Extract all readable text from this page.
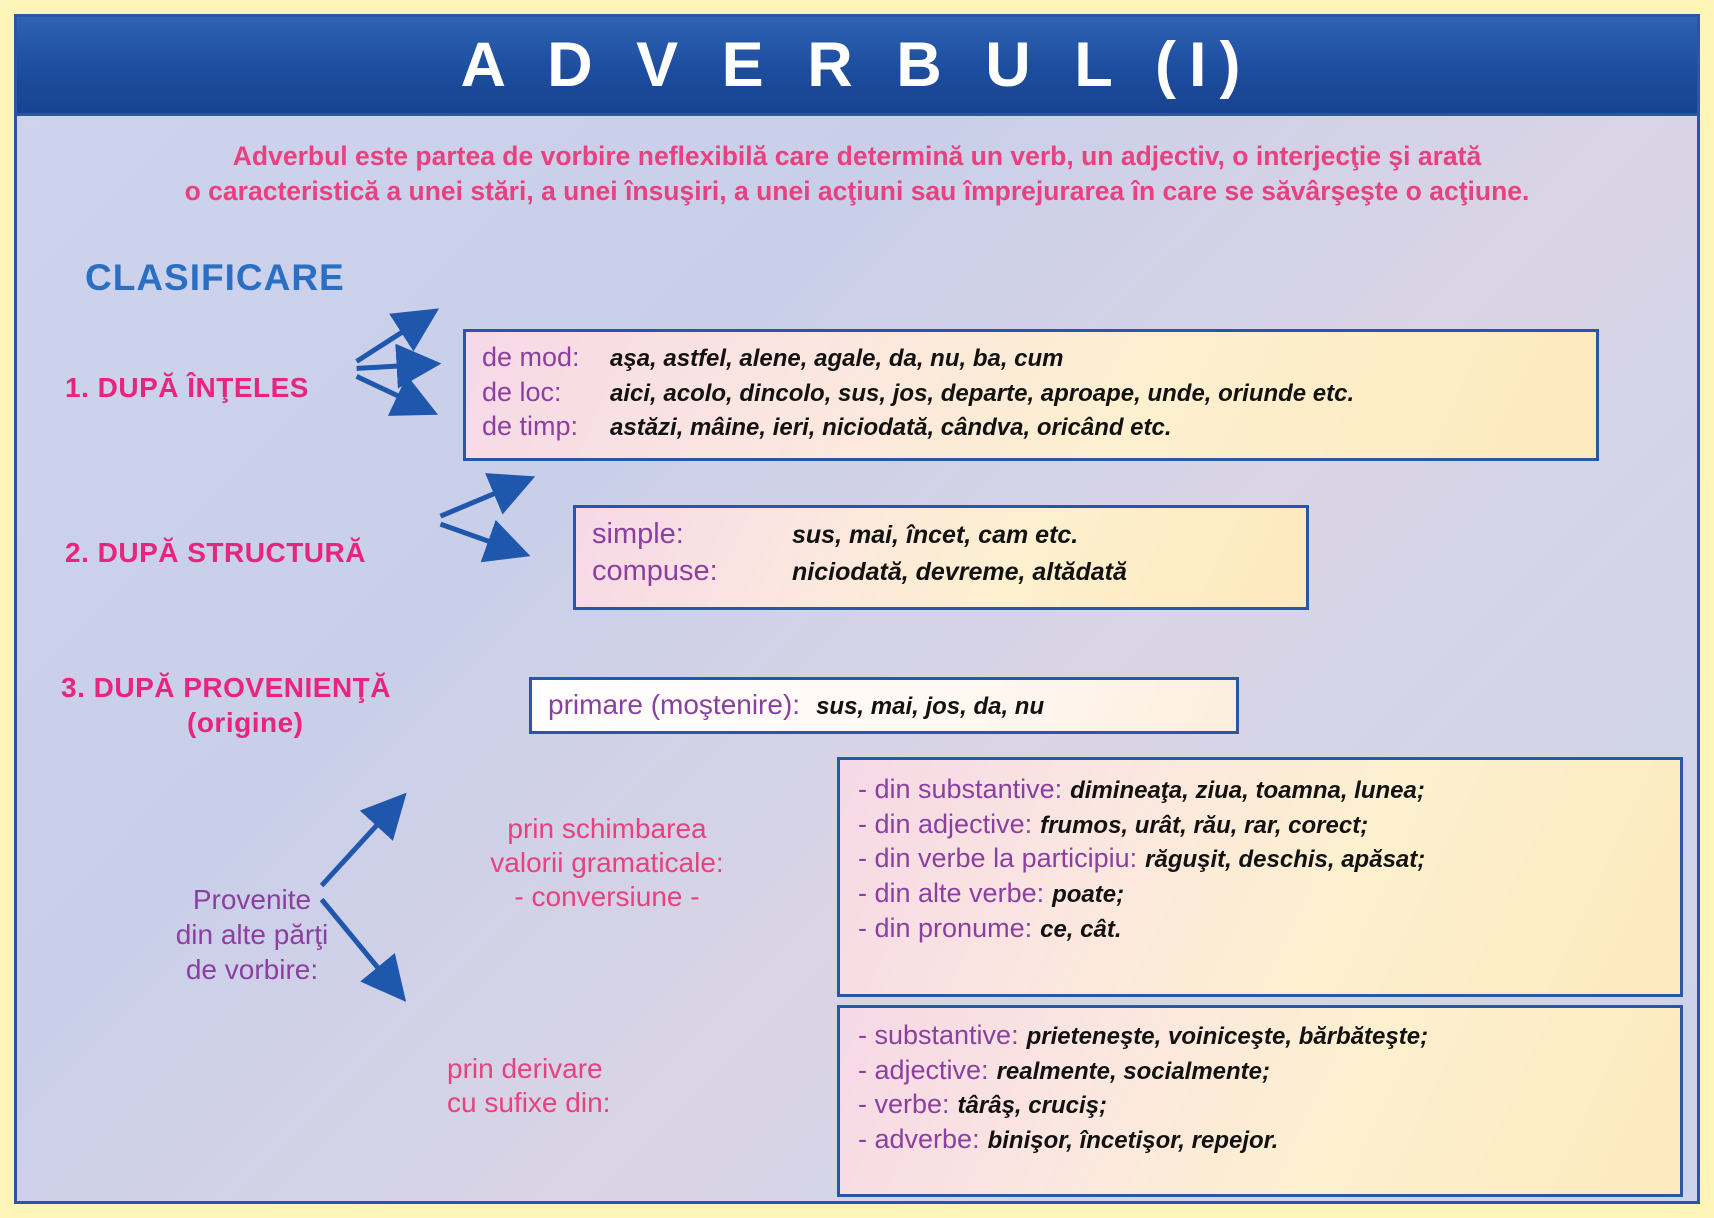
A D V E R B U L (I)
Adverbul este partea de vorbire neflexibilă care determină un verb, un adjectiv, o interjecţie şi arată
o caracteristică a unei stări, a unei însuşiri, a unei acţiuni sau împrejurarea în care se săvârşeşte o acţiune.
CLASIFICARE
1. DUPĂ ÎNŢELES
2. DUPĂ STRUCTURĂ
3. DUPĂ PROVENIENŢĂ
(origine)
de mod:	aşa, astfel, alene, agale, da, nu, ba, cum
de loc:	aici, acolo, dincolo, sus, jos, departe, aproape, unde, oriunde etc.
de timp:	astăzi, mâine, ieri, niciodată, cândva, oricând etc.
simple:	sus, mai, încet, cam etc.
compuse:	niciodată, devreme, altădată
primare (moştenire): sus, mai, jos, da, nu
Provenite
din alte părţi
de vorbire:
prin schimbarea
valorii gramaticale:
- conversiune -
prin derivare
cu sufixe din:
- din substantive: dimineaţa, ziua, toamna, lunea;
- din adjective: frumos, urât, rău, rar, corect;
- din verbe la participiu: răguşit, deschis, apăsat;
- din alte verbe: poate;
- din pronume: ce, cât.
- substantive: prieteneşte, voiniceşte, bărbăteşte;
- adjective: realmente, socialmente;
- verbe: târâş, cruciş;
- adverbe: binişor, încetişor, repejor.
